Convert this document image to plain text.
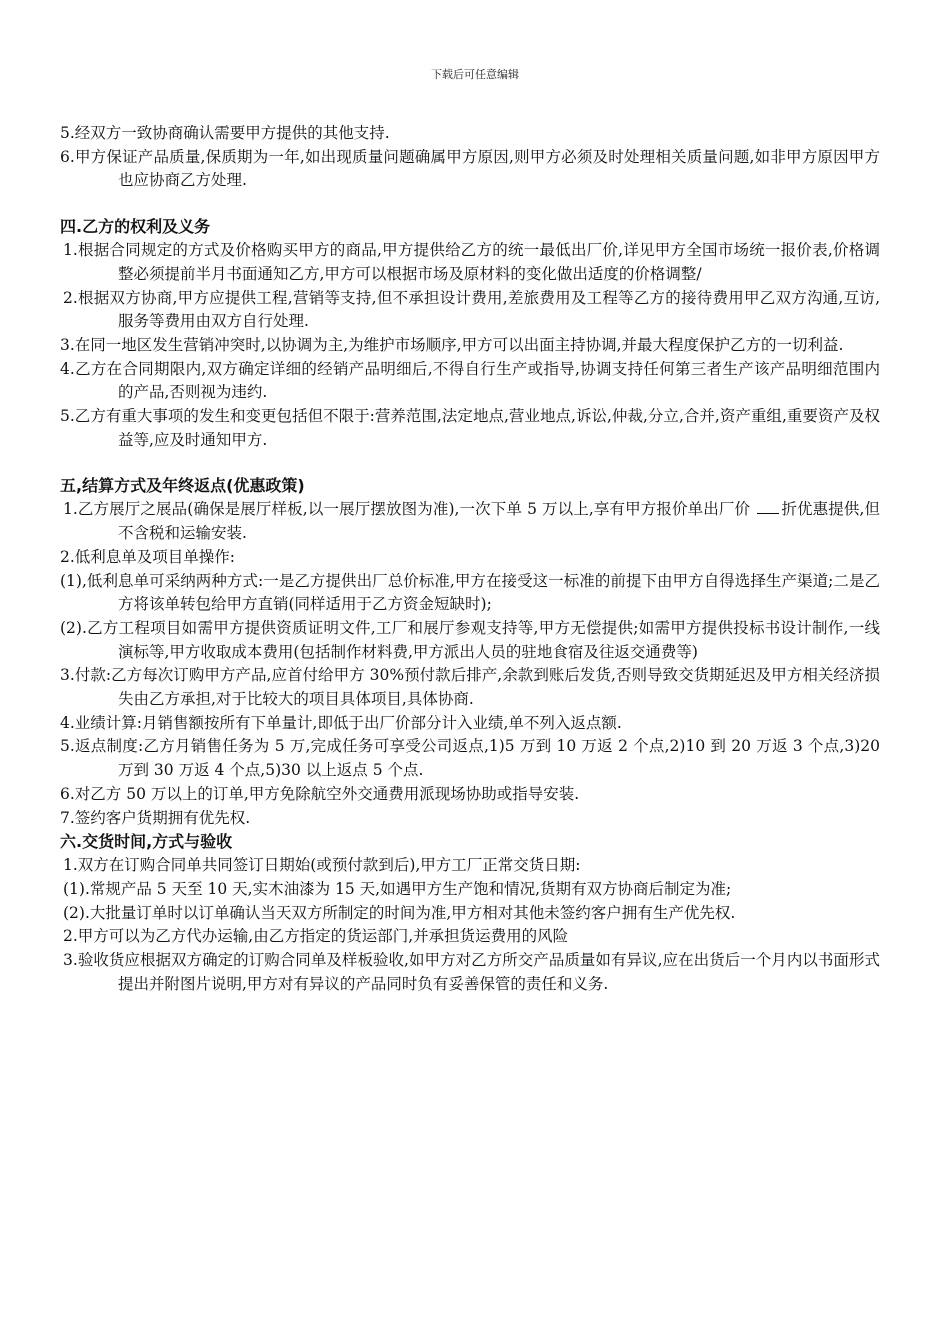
下载后可任意编辑

5.经双方一致协商确认需要甲方提供的其他支持.

6.甲方保证产品质量,保质期为一年,如出现质量问题确属甲方原因,则甲方必须及时处理相关质量问题,如非甲方原因甲方也应协商乙方处理.

四.乙方的权利及义务

1.根据合同规定的方式及价格购买甲方的商品,甲方提供给乙方的统一最低出厂价,详见甲方全国市场统一报价表,价格调整必须提前半月书面通知乙方,甲方可以根据市场及原材料的变化做出适度的价格调整/

2.根据双方协商,甲方应提供工程,营销等支持,但不承担设计费用,差旅费用及工程等乙方的接待费用甲乙双方沟通,互访,服务等费用由双方自行处理.

3.在同一地区发生营销冲突时,以协调为主,为维护市场顺序,甲方可以出面主持协调,并最大程度保护乙方的一切利益.

4.乙方在合同期限内,双方确定详细的经销产品明细后,不得自行生产或指导,协调支持任何第三者生产该产品明细范围内的产品,否则视为违约.

5.乙方有重大事项的发生和变更包括但不限于:营养范围,法定地点,营业地点,诉讼,仲裁,分立,合并,资产重组,重要资产及权益等,应及时通知甲方.

五,结算方式及年终返点(优惠政策)

1.乙方展厅之展品(确保是展厅样板,以一展厅摆放图为准),一次下单 5 万以上,享有甲方报价单出厂价 折优惠提供,但不含税和运输安装.

2.低利息单及项目单操作:

(1),低利息单可采纳两种方式:一是乙方提供出厂总价标准,甲方在接受这一标准的前提下由甲方自得选择生产渠道;二是乙方将该单转包给甲方直销(同样适用于乙方资金短缺时);

(2).乙方工程项目如需甲方提供资质证明文件,工厂和展厅参观支持等,甲方无偿提供;如需甲方提供投标书设计制作,一线演标等,甲方收取成本费用(包括制作材料费,甲方派出人员的驻地食宿及往返交通费等)

3.付款:乙方每次订购甲方产品,应首付给甲方 30%预付款后排产,余款到账后发货,否则导致交货期延迟及甲方相关经济损失由乙方承担,对于比较大的项目具体项目,具体协商.

4.业绩计算:月销售额按所有下单量计,即低于出厂价部分计入业绩,单不列入返点额.

5.返点制度:乙方月销售任务为 5 万,完成任务可享受公司返点,1)5 万到 10 万返 2 个点,2)10 到 20 万返 3 个点,3)20 万到 30 万返 4 个点,5)30 以上返点 5 个点.

6.对乙方 50 万以上的订单,甲方免除航空外交通费用派现场协助或指导安装.

7.签约客户货期拥有优先权.

六.交货时间,方式与验收

1.双方在订购合同单共同签订日期始(或预付款到后),甲方工厂正常交货日期:

(1).常规产品 5 天至 10 天,实木油漆为 15 天,如遇甲方生产饱和情况,货期有双方协商后制定为准;

(2).大批量订单时以订单确认当天双方所制定的时间为准,甲方相对其他未签约客户拥有生产优先权.

2.甲方可以为乙方代办运输,由乙方指定的货运部门,并承担货运费用的风险

3.验收货应根据双方确定的订购合同单及样板验收,如甲方对乙方所交产品质量如有异议,应在出货后一个月内以书面形式提出并附图片说明,甲方对有异议的产品同时负有妥善保管的责任和义务.
